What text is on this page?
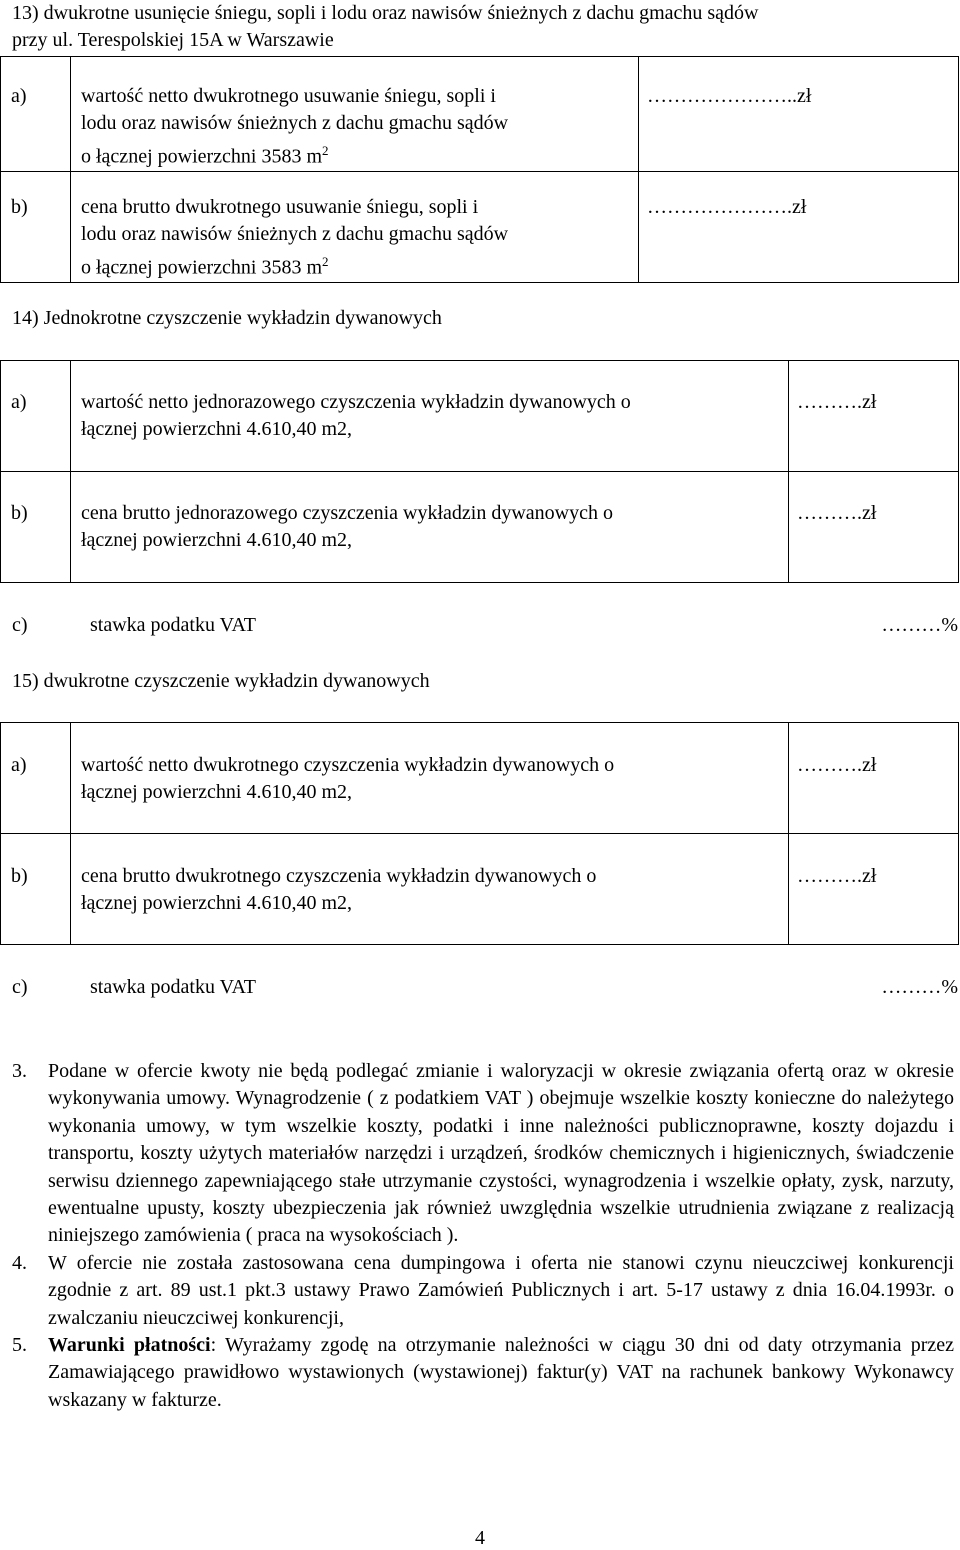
13) dwukrotne usunięcie śniegu, sopli i lodu oraz nawisów śnieżnych z dachu gmachu sądów
przy ul. Terespolskiej 15A w Warszawie
a)	wartość netto dwukrotnego usuwanie śniegu, sopli i
lodu oraz nawisów śnieżnych z dachu gmachu sądów
o łącznej powierzchni 3583 $m^2$	…………………..zł
b)	cena brutto dwukrotnego usuwanie śniegu, sopli i
lodu oraz nawisów śnieżnych z dachu gmachu sądów
o łącznej powierzchni 3583 $m^2$	………………….zł
14) Jednokrotne czyszczenie wykładzin dywanowych
a)	wartość netto jednorazowego czyszczenia wykładzin dywanowych o
łącznej powierzchni 4.610,40 m2,	……….zł
b)	cena brutto jednorazowego czyszczenia wykładzin dywanowych o
łącznej powierzchni 4.610,40 m2,	……….zł
c)	stawka podatku VAT	………%
15) dwukrotne czyszczenie wykładzin dywanowych
a)	wartość netto dwukrotnego czyszczenia wykładzin dywanowych o
łącznej powierzchni 4.610,40 m2,	……….zł
b)	cena brutto dwukrotnego czyszczenia wykładzin dywanowych o
łącznej powierzchni 4.610,40 m2,	……….zł
c)	stawka podatku VAT	………%
3.	Podane w ofercie kwoty nie będą podlegać zmianie i waloryzacji w okresie związania ofertą oraz w okresie wykonywania umowy. Wynagrodzenie ( z podatkiem VAT ) obejmuje wszelkie koszty konieczne do należytego wykonania umowy, w tym wszelkie koszty, podatki i inne należności publicznoprawne, koszty dojazdu i transportu, koszty użytych materiałów narzędzi i urządzeń, środków chemicznych i higienicznych, świadczenie serwisu dziennego zapewniającego stałe utrzymanie czystości, wynagrodzenia i wszelkie opłaty, zysk, narzuty, ewentualne upusty, koszty ubezpieczenia jak również uwzględnia wszelkie utrudnienia związane z realizacją niniejszego zamówienia ( praca na wysokościach ).
4.	W ofercie nie została zastosowana cena dumpingowa i oferta nie stanowi czynu nieuczciwej konkurencji zgodnie z art. 89 ust.1 pkt.3 ustawy Prawo Zamówień Publicznych i art. 5-17 ustawy z dnia 16.04.1993r. o zwalczaniu nieuczciwej konkurencji,
5.	Warunki płatności: Wyrażamy zgodę na otrzymanie należności w ciągu 30 dni od daty otrzymania przez Zamawiającego prawidłowo wystawionych (wystawionej) faktur(y) VAT na rachunek bankowy Wykonawcy wskazany w fakturze.
4
